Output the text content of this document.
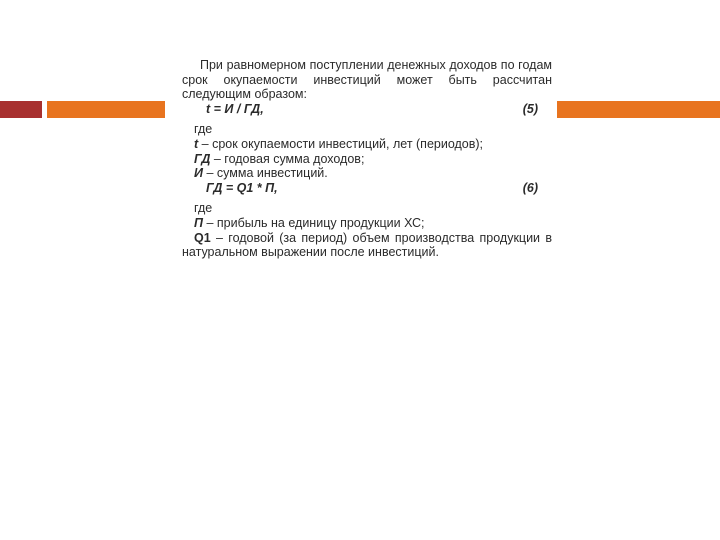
При равномерном поступлении денежных доходов по годам срок окупаемости инвестиций может быть рассчитан следующим образом:
t = И / ГД,	(5)
где
t – срок окупаемости инвестиций, лет (периодов);
ГД – годовая сумма доходов;
И – сумма инвестиций.
ГД = Q1 * П,	(6)
где
П – прибыль на единицу продукции ХС;
Q1 – годовой (за период) объем производства продукции в натуральном выражении после инвестиций.
